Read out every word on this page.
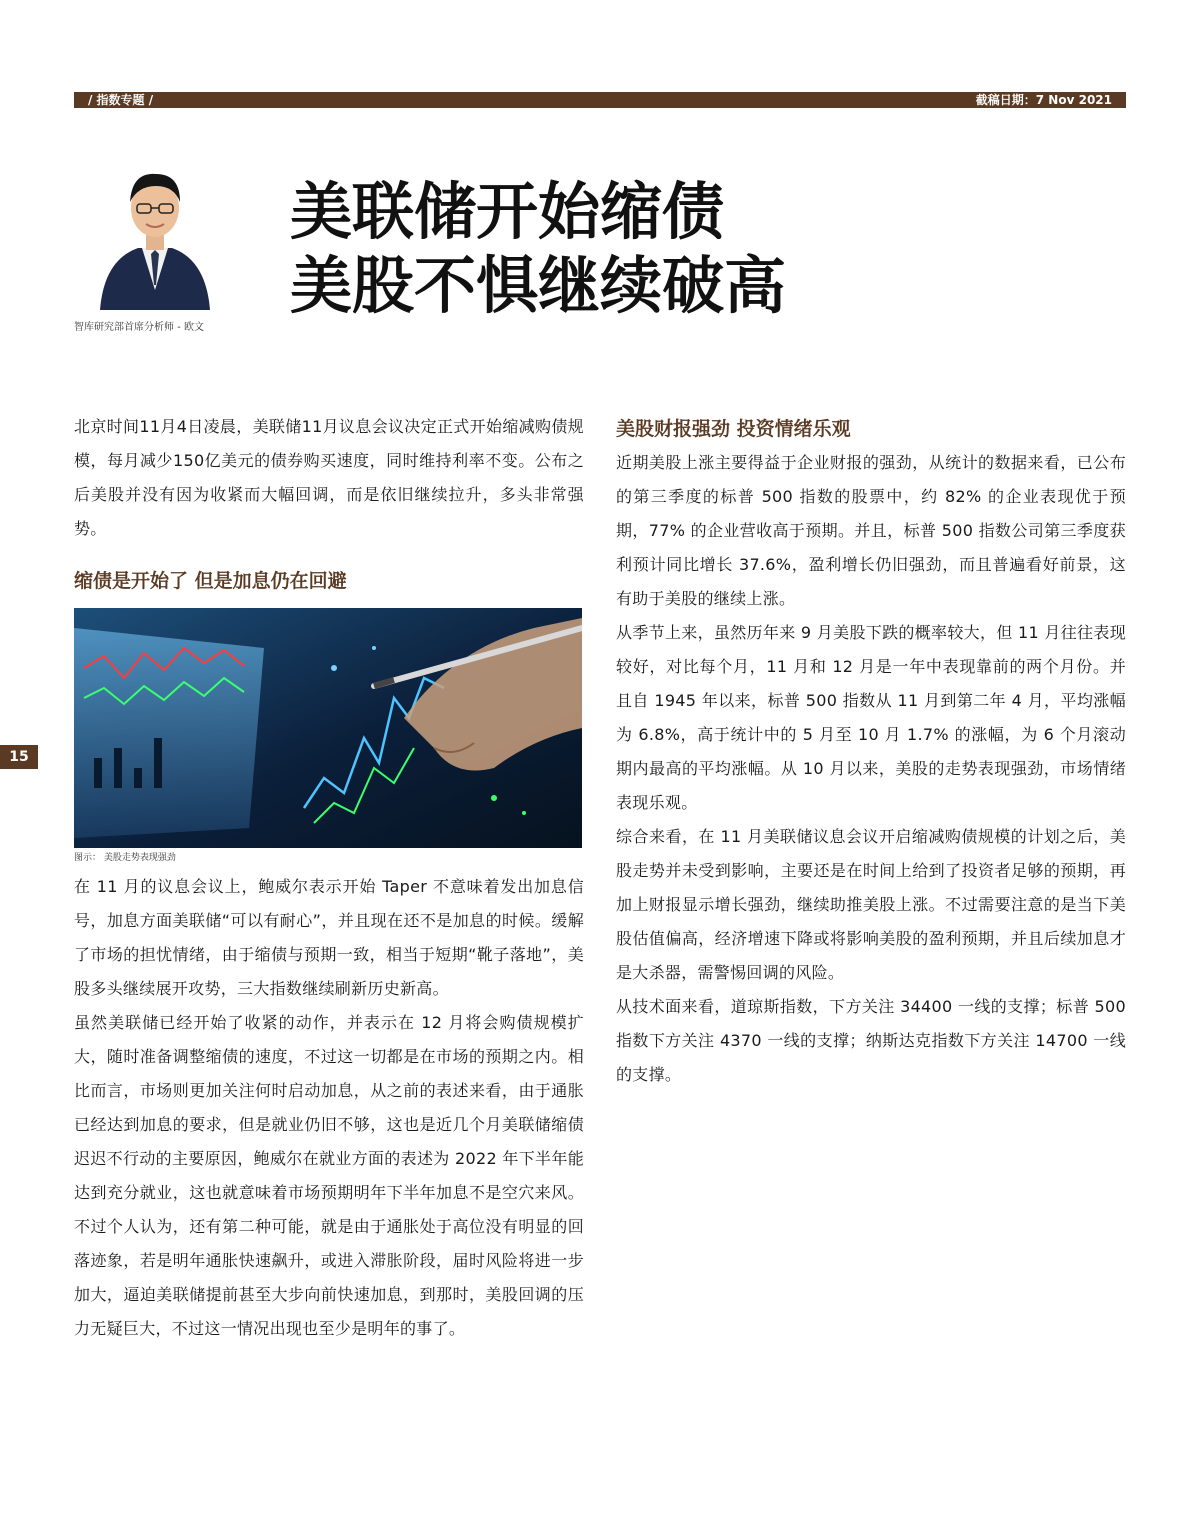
/ 指数专题 /	截稿日期：7 Nov 2021
智库研究部首席分析师 - 欧文
美联储开始缩债
美股不惧继续破高
15

北京时间11月4日凌晨，美联储11月议息会议决定正式开始缩减购债规模，每月减少150亿美元的债券购买速度，同时维持利率不变。公布之后美股并没有因为收紧而大幅回调，而是依旧继续拉升，多头非常强势。

缩债是开始了 但是加息仍在回避
图示： 美股走势表现强劲

在 11 月的议息会议上，鲍威尔表示开始 Taper 不意味着发出加息信号，加息方面美联储“可以有耐心”，并且现在还不是加息的时候。缓解了市场的担忧情绪，由于缩债与预期一致，相当于短期“靴子落地”，美股多头继续展开攻势，三大指数继续刷新历史新高。

虽然美联储已经开始了收紧的动作，并表示在 12 月将会购债规模扩大，随时准备调整缩债的速度，不过这一切都是在市场的预期之内。相比而言，市场则更加关注何时启动加息，从之前的表述来看，由于通胀已经达到加息的要求，但是就业仍旧不够，这也是近几个月美联储缩债迟迟不行动的主要原因，鲍威尔在就业方面的表述为 2022 年下半年能达到充分就业，这也就意味着市场预期明年下半年加息不是空穴来风。不过个人认为，还有第二种可能，就是由于通胀处于高位没有明显的回落迹象，若是明年通胀快速飙升，或进入滞胀阶段，届时风险将进一步加大，逼迫美联储提前甚至大步向前快速加息，到那时，美股回调的压力无疑巨大，不过这一情况出现也至少是明年的事了。

美股财报强劲 投资情绪乐观

近期美股上涨主要得益于企业财报的强劲，从统计的数据来看，已公布的第三季度的标普 500 指数的股票中，约 82% 的企业表现优于预期，77% 的企业营收高于预期。并且，标普 500 指数公司第三季度获利预计同比增长 37.6%，盈利增长仍旧强劲，而且普遍看好前景，这有助于美股的继续上涨。

从季节上来，虽然历年来 9 月美股下跌的概率较大，但 11 月往往表现较好，对比每个月，11 月和 12 月是一年中表现靠前的两个月份。并且自 1945 年以来，标普 500 指数从 11 月到第二年 4 月，平均涨幅为 6.8%，高于统计中的 5 月至 10 月 1.7% 的涨幅，为 6 个月滚动期内最高的平均涨幅。从 10 月以来，美股的走势表现强劲，市场情绪表现乐观。

综合来看，在 11 月美联储议息会议开启缩减购债规模的计划之后，美股走势并未受到影响，主要还是在时间上给到了投资者足够的预期，再加上财报显示增长强劲，继续助推美股上涨。不过需要注意的是当下美股估值偏高，经济增速下降或将影响美股的盈利预期，并且后续加息才是大杀器，需警惕回调的风险。

从技术面来看，道琼斯指数，下方关注 34400 一线的支撑；标普 500 指数下方关注 4370 一线的支撑；纳斯达克指数下方关注 14700 一线的支撑。
